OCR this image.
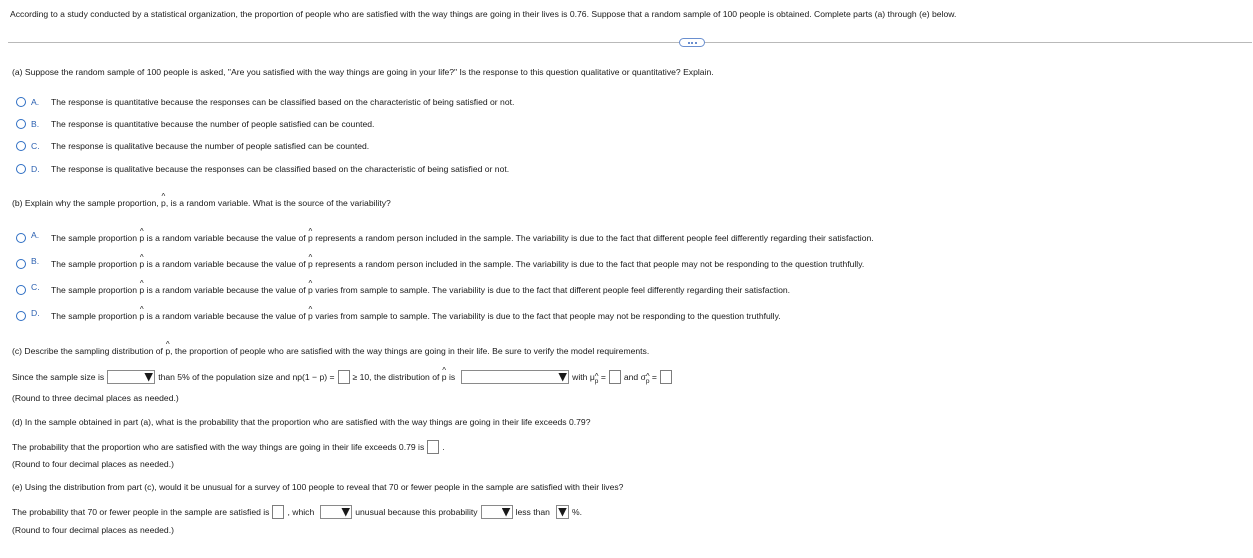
According to a study conducted by a statistical organization, the proportion of people who are satisfied with the way things are going in their lives is 0.76. Suppose that a random sample of 100 people is obtained. Complete parts (a) through (e) below.
(a) Suppose the random sample of 100 people is asked, "Are you satisfied with the way things are going in your life?" Is the response to this question qualitative or quantitative? Explain.
A.	The response is quantitative because the responses can be classified based on the characteristic of being satisfied or not.
B.	The response is quantitative because the number of people satisfied can be counted.
C.	The response is qualitative because the number of people satisfied can be counted.
D.	The response is qualitative because the responses can be classified based on the characteristic of being satisfied or not.
(b) Explain why the sample proportion, ^ p, is a random variable. What is the source of the variability?
A.	The sample proportion ^ p is a random variable because the value of ^ p represents a random person included in the sample. The variability is due to the fact that different people feel differently regarding their satisfaction.
B.	The sample proportion ^ p is a random variable because the value of ^ p represents a random person included in the sample. The variability is due to the fact that people may not be responding to the question truthfully.
C.	The sample proportion ^ p is a random variable because the value of ^ p varies from sample to sample. The variability is due to the fact that different people feel differently regarding their satisfaction.
D.	The sample proportion ^ p is a random variable because the value of ^ p varies from sample to sample. The variability is due to the fact that people may not be responding to the question truthfully.
(c) Describe the sampling distribution of ^ p, the proportion of people who are satisfied with the way things are going in their life. Be sure to verify the model requirements.
Since the sample size is	than 5% of the population size and
np(1 − p) = ≥ 10, the distribution of
^ p
is	with μ ^ p
= and σ ^ p
=
(Round to three decimal places as needed.)
(d) In the sample obtained in part (a), what is the probability that the proportion who are satisfied with the way things are going in their life exceeds 0.79?
The probability that the proportion who are satisfied with the way things are going in their life exceeds 0.79 is .
(Round to four decimal places as needed.)
(e) Using the distribution from part (c), would it be unusual for a survey of 100 people to reveal that 70 or fewer people in the sample are satisfied with their lives?
The probability that 70 or fewer people in the sample are satisfied is , which	unusual because this probability	less than	%.
(Round to four decimal places as needed.)
